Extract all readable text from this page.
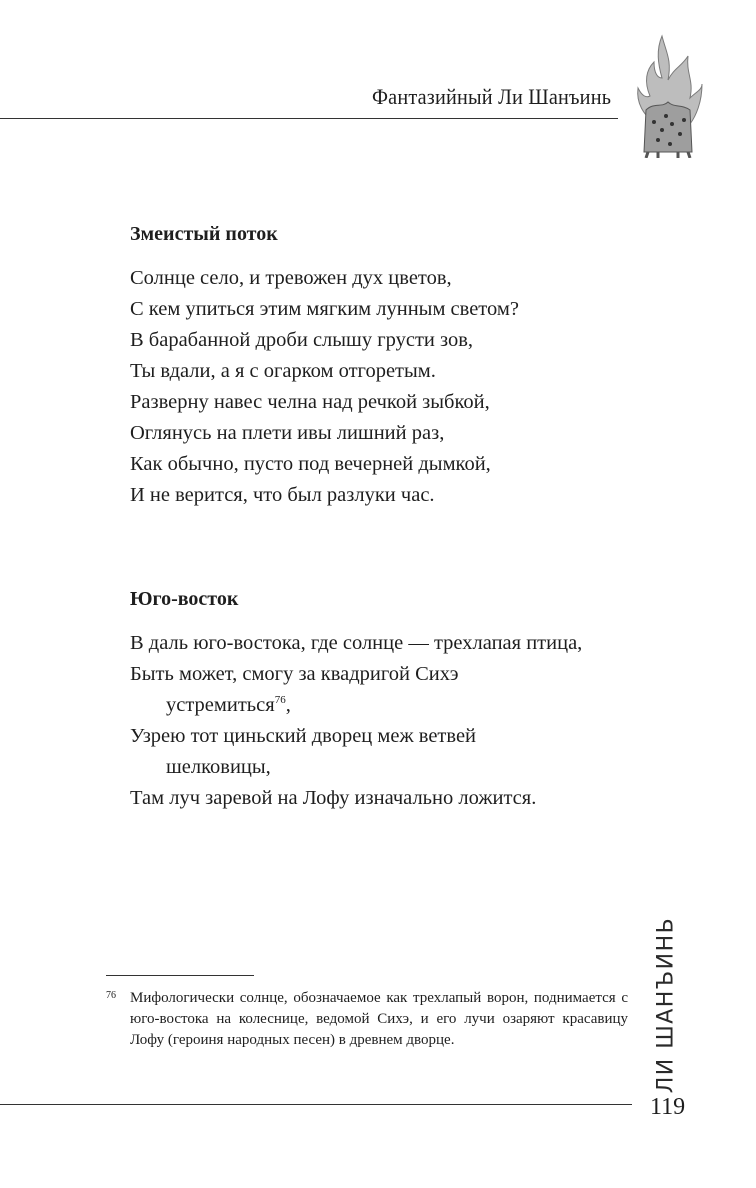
Фантазийный Ли Шанъинь
Змеистый поток
Солнце село, и тревожен дух цветов,
С кем упиться этим мягким лунным светом?
В барабанной дроби слышу грусти зов,
Ты вдали, а я с огарком отгоретым.
Разверну навес челна над речкой зыбкой,
Оглянусь на плети ивы лишний раз,
Как обычно, пусто под вечерней дымкой,
И не верится, что был разлуки час.
Юго-восток
В даль юго-востока, где солнце — трехлапая птица,
Быть может, смогу за квадригой Сихэ
устремиться$^{76}$,
Узрею тот циньский дворец меж ветвей
шелковицы,
Там луч заревой на Лофу изначально ложится.
76 Мифологически солнце, обозначаемое как трехлапый ворон, поднимается с юго-востока на колеснице, ведомой Сихэ, и его лучи озаряют красавицу Лофу (героиня народных песен) в древнем дворце.
119
ЛИ ШАНЪИНЬ
